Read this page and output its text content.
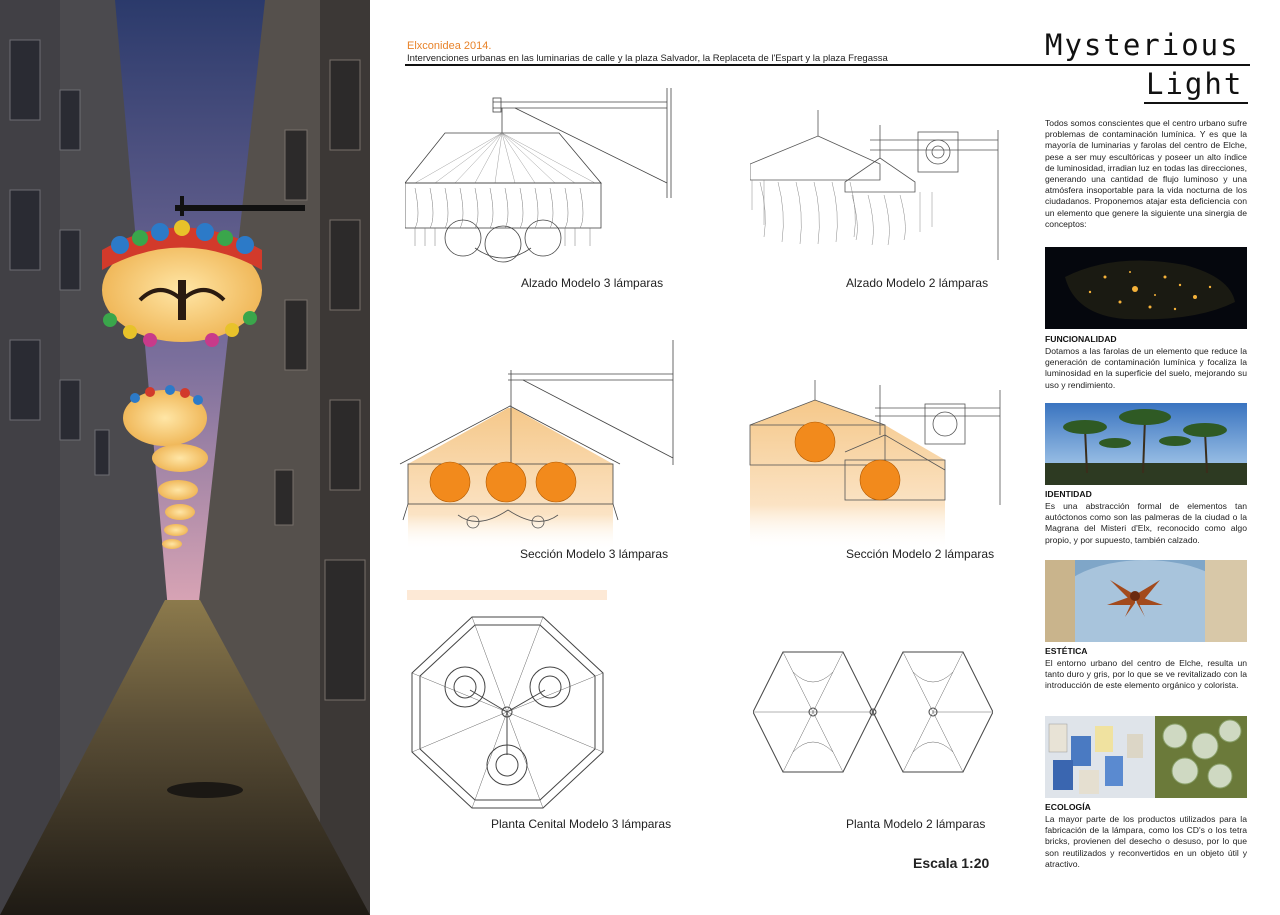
Elxconidea 2014.
Intervenciones urbanas en las luminarias de calle y la plaza Salvador, la Replaceta de l'Espart y la plaza Fregassa	Mysterious
Light
Alzado Modelo 3 lámparas	Alzado Modelo 2 lámparas
Sección Modelo 3 lámparas	Sección Modelo 2 lámparas
Planta Cenital Modelo 3 lámparas	Planta Modelo 2 lámparas
Escala 1:20
Todos somos conscientes que el centro urbano sufre problemas de contaminación lumínica. Y es que la mayoría de luminarias y farolas del centro de Elche, pese a ser muy escultóricas y poseer un alto índice de luminosidad, irradian luz en todas las direcciones, generando una cantidad de flujo luminoso y una atmósfera insoportable para la vida nocturna de los ciudadanos. Proponemos atajar esta deficiencia con un elemento que genere la siguiente una sinergia de conceptos:
FUNCIONALIDAD
Dotamos a las farolas de un elemento que reduce la generación de contaminación lumínica y focaliza la luminosidad en la superficie del suelo, mejorando su uso y rendimiento.
IDENTIDAD
Es una abstracción formal de elementos tan autóctonos como son las palmeras de la ciudad o la Magrana del Misteri d'Elx, reconocido como algo propio, y por supuesto, también calzado.
ESTÉTICA
El entorno urbano del centro de Elche, resulta un tanto duro y gris, por lo que se ve revitalizado con la introducción de este elemento orgánico y colorista.
ECOLOGÍA
La mayor parte de los productos utilizados para la fabricación de la lámpara, como los CD's o los tetra bricks, provienen del desecho o desuso, por lo que son reutilizados y reconvertidos en un objeto útil y atractivo.
